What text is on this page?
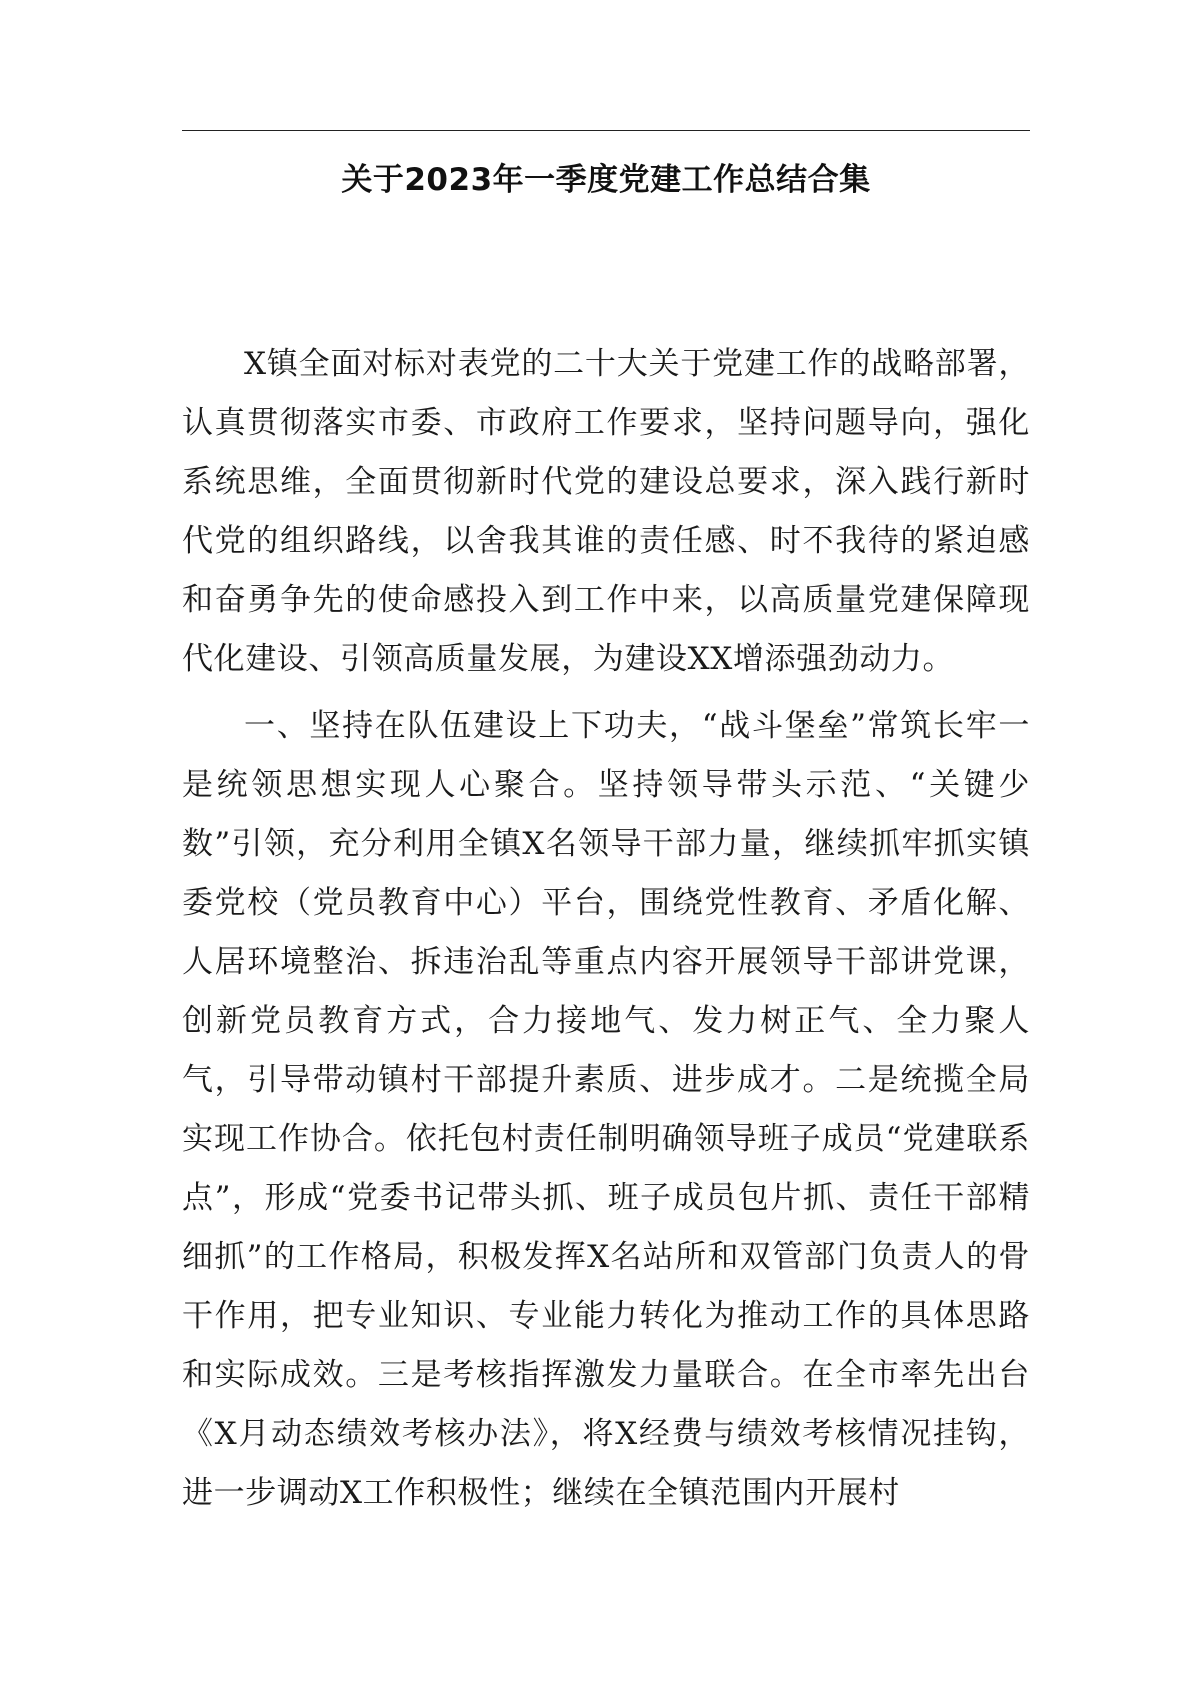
关于2023年一季度党建工作总结合集

X镇全面对标对表党的二十大关于党建工作的战略部署，认真贯彻落实市委、市政府工作要求，坚持问题导向，强化系统思维，全面贯彻新时代党的建设总要求，深入践行新时代党的组织路线，以舍我其谁的责任感、时不我待的紧迫感和奋勇争先的使命感投入到工作中来，以高质量党建保障现代化建设、引领高质量发展，为建设XX增添强劲动力。

一、坚持在队伍建设上下功夫，“战斗堡垒”常筑长牢一是统领思想实现人心聚合。坚持领导带头示范、“关键少数”引领，充分利用全镇X名领导干部力量，继续抓牢抓实镇委党校（党员教育中心）平台，围绕党性教育、矛盾化解、人居环境整治、拆违治乱等重点内容开展领导干部讲党课，创新党员教育方式，合力接地气、发力树正气、全力聚人气，引导带动镇村干部提升素质、进步成才。二是统揽全局实现工作协合。依托包村责任制明确领导班子成员“党建联系点”，形成“党委书记带头抓、班子成员包片抓、责任干部精细抓”的工作格局，积极发挥X名站所和双管部门负责人的骨干作用，把专业知识、专业能力转化为推动工作的具体思路和实际成效。三是考核指挥激发力量联合。在全市率先出台《X月动态绩效考核办法》，将X经费与绩效考核情况挂钩，进一步调动X工作积极性；继续在全镇范围内开展村
